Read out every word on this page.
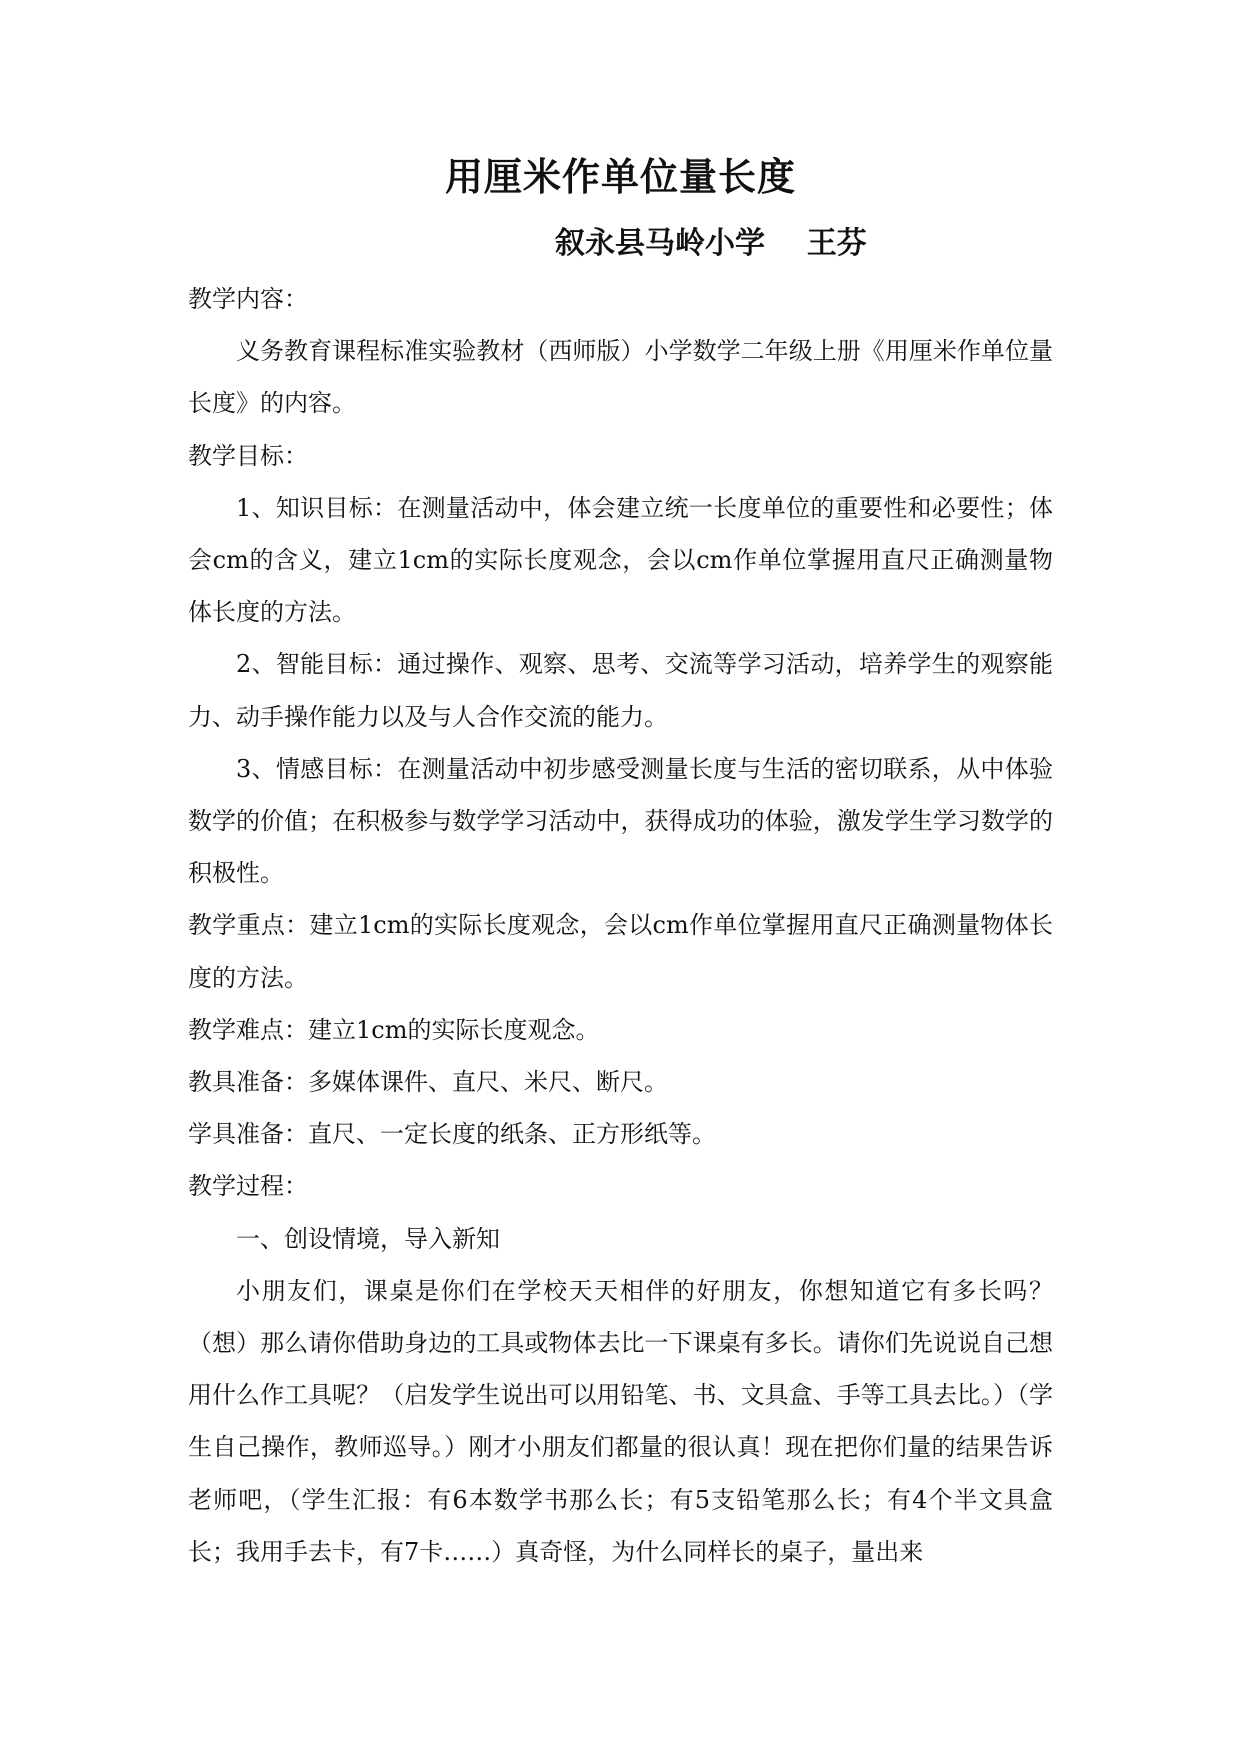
用厘米作单位量长度
叙永县马岭小学    王芬

教学内容：

义务教育课程标准实验教材（西师版）小学数学二年级上册《用厘米作单位量长度》的内容。

教学目标：

1、知识目标：在测量活动中，体会建立统一长度单位的重要性和必要性；体会cm的含义，建立1cm的实际长度观念，会以cm作单位掌握用直尺正确测量物体长度的方法。

2、智能目标：通过操作、观察、思考、交流等学习活动，培养学生的观察能力、动手操作能力以及与人合作交流的能力。

3、情感目标：在测量活动中初步感受测量长度与生活的密切联系，从中体验数学的价值；在积极参与数学学习活动中，获得成功的体验，激发学生学习数学的积极性。

教学重点：建立1cm的实际长度观念，会以cm作单位掌握用直尺正确测量物体长度的方法。

教学难点：建立1cm的实际长度观念。

教具准备：多媒体课件、直尺、米尺、断尺。

学具准备：直尺、一定长度的纸条、正方形纸等。

教学过程：

一、创设情境，导入新知

小朋友们，课桌是你们在学校天天相伴的好朋友，你想知道它有多长吗？（想）那么请你借助身边的工具或物体去比一下课桌有多长。请你们先说说自己想用什么作工具呢？（启发学生说出可以用铅笔、书、文具盒、手等工具去比。）（学生自己操作，教师巡导。）刚才小朋友们都量的很认真！现在把你们量的结果告诉老师吧，（学生汇报：有6本数学书那么长；有5支铅笔那么长；有4个半文具盒长；我用手去卡，有7卡……）真奇怪，为什么同样长的桌子，量出来
